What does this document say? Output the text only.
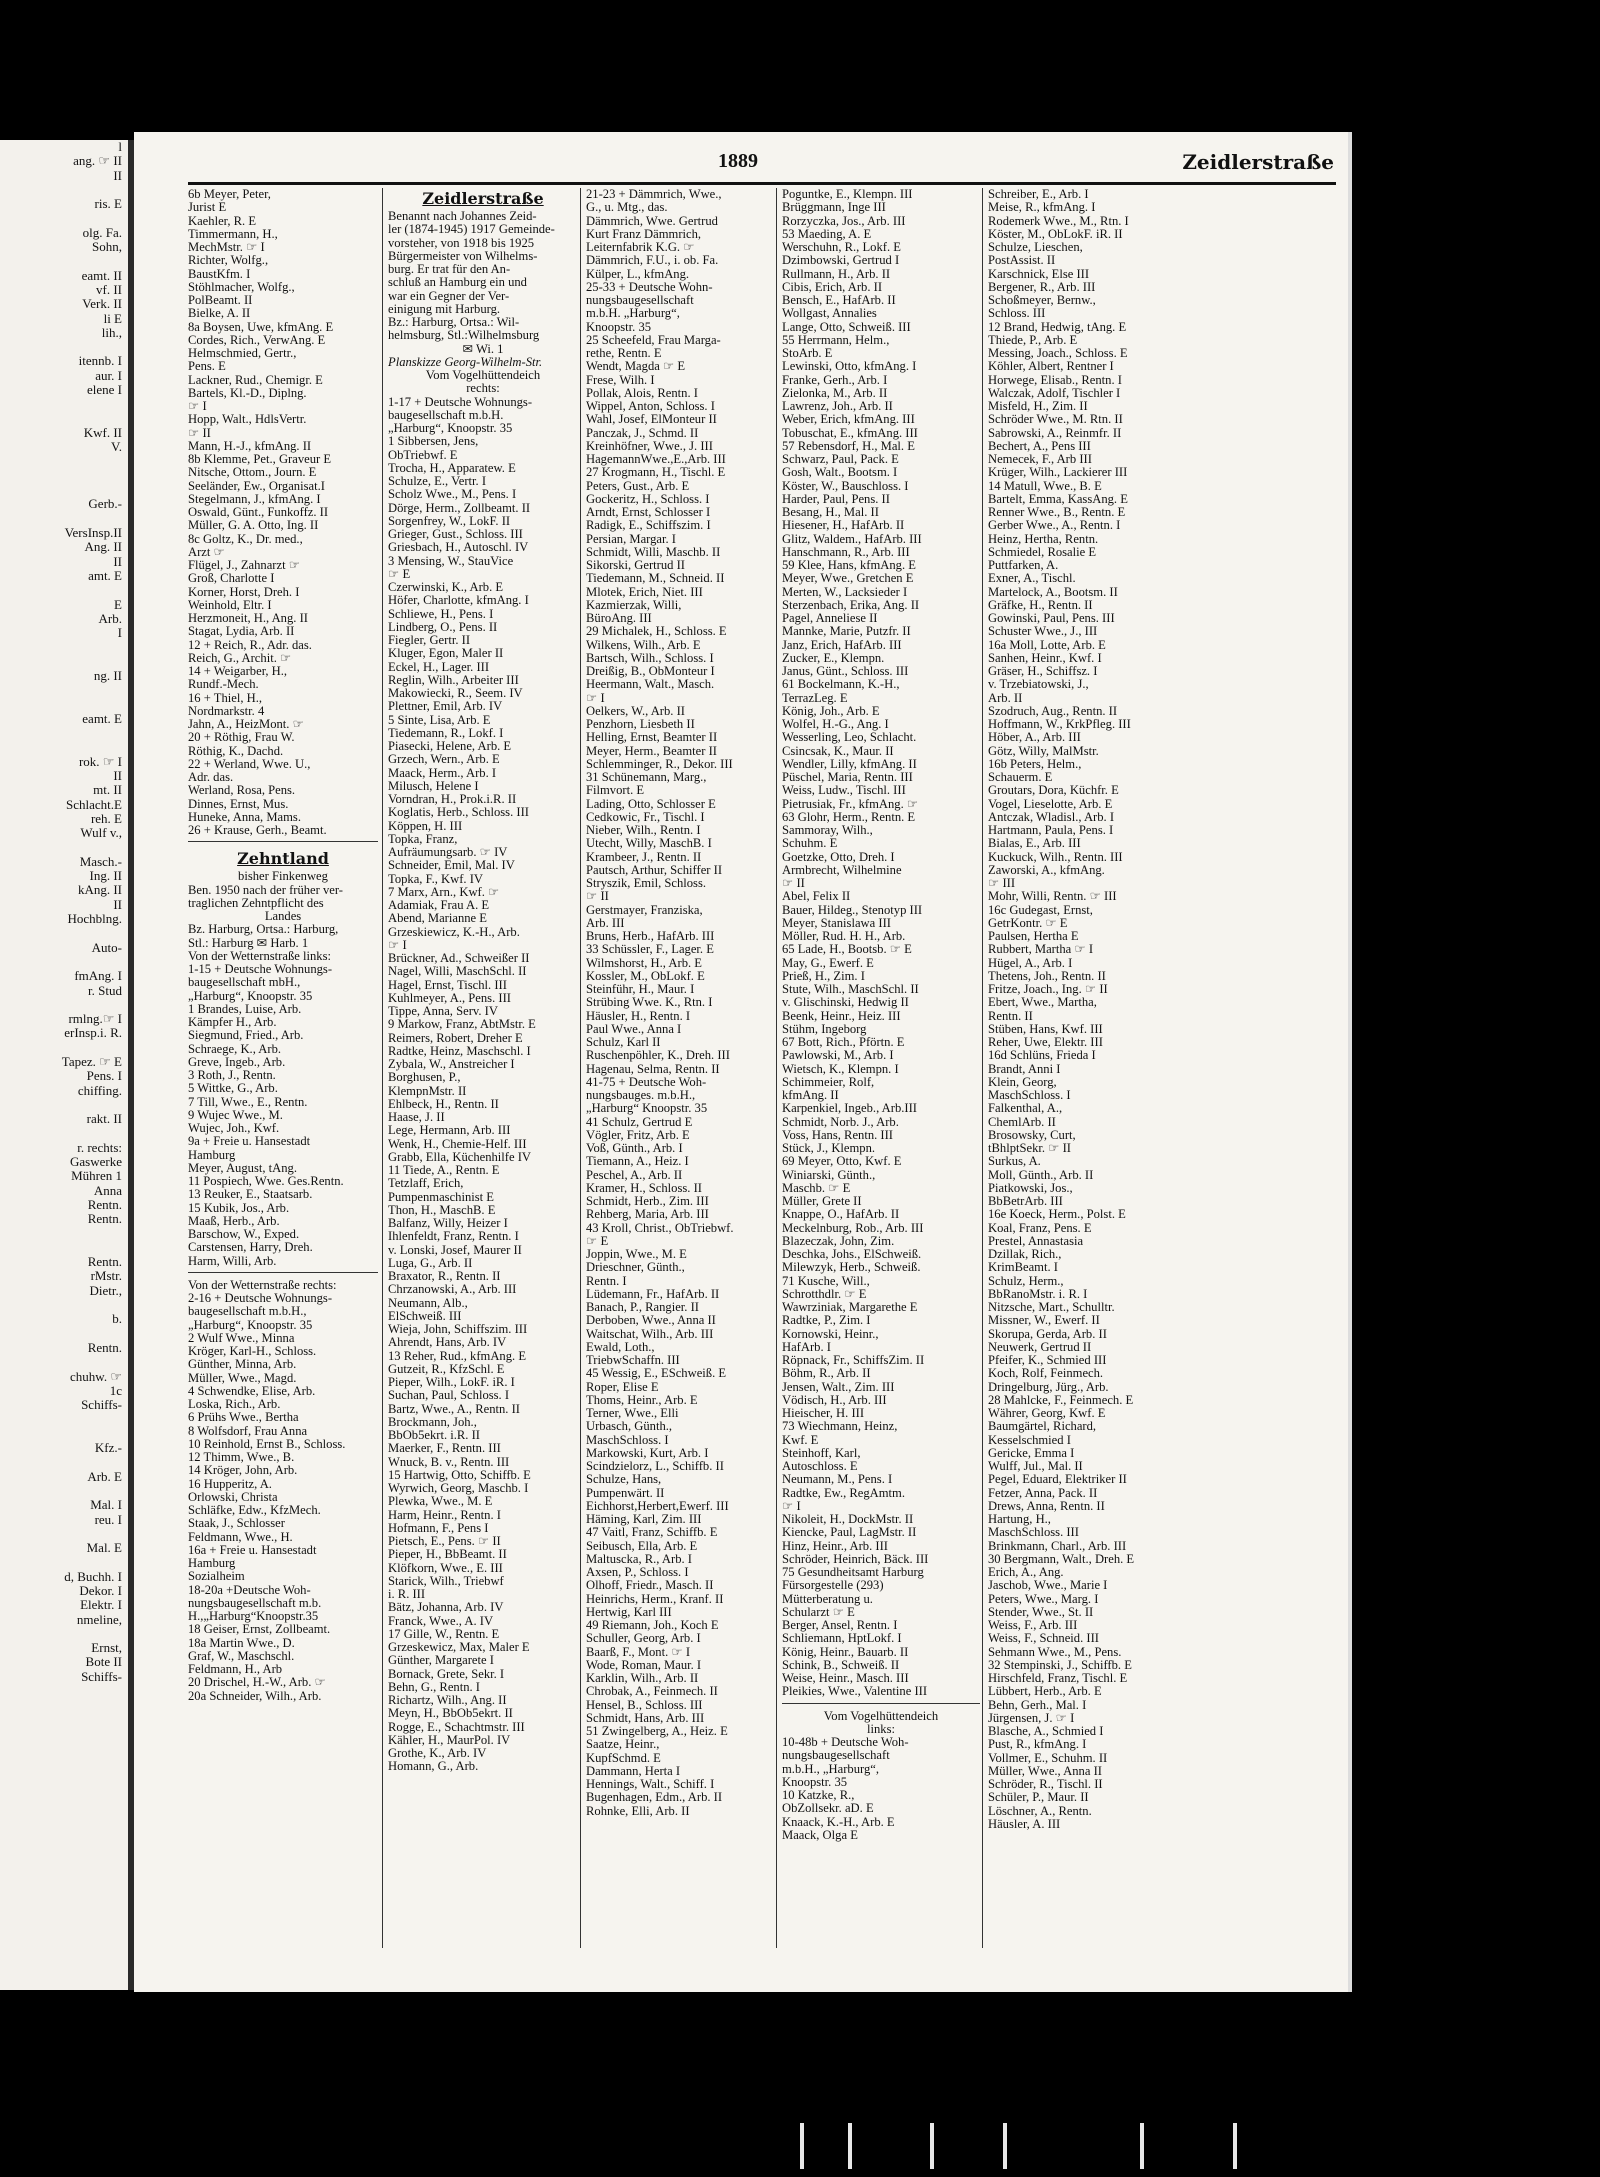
l
ang. ☞ II
II

ris. E

olg. Fa.
Sohn,

eamt. II
vf. II
Verk. II
li E
lih.,

itennb. I
aur. I
elene I

Kwf. II
V.

Gerb.-

VersInsp.II
Ang. II
II
amt. E

E
Arb.
I

ng. II

eamt. E

rok. ☞ I
II
mt. II
Schlacht.E
reh. E
Wulf v.,

Masch.-
Ing. II
kAng. II
II
Hochblng.

Auto-

fmAng. I
r. Stud

rmlng.☞ I
erInsp.i. R.

Tapez. ☞ E
Pens. I
chiffing.

rakt. II

r. rechts:
Gaswerke
Mühren 1
Anna
Rentn.
Rentn.

Rentn.
rMstr.
Dietr.,

b.

Rentn.

chuhw. ☞
1c
Schiffs-

Kfz.-

Arb. E

Mal. I
reu. I

Mal. E

d, Buchh. I
Dekor. I
Elektr. I
nmeline,

Ernst,
Bote II
Schiffs-
1889	Zeidlerstraße
6b Meyer, Peter,
Jurist E
Kaehler, R. E
Timmermann, H.,
MechMstr. ☞ I
Richter, Wolfg.,
BaustKfm. I
Stöhlmacher, Wolfg.,
PolBeamt. II
Bielke, A. II
8a Boysen, Uwe, kfmAng. E
Cordes, Rich., VerwAng. E
Helmschmied, Gertr.,
Pens. E
Lackner, Rud., Chemigr. E
Bartels, Kl.-D., Diplng.
☞ I
Hopp, Walt., HdlsVertr.
☞ II
Mann, H.-J., kfmAng. II
8b Klemme, Pet., Graveur E
Nitsche, Ottom., Journ. E
Seeländer, Ew., Organisat.I
Stegelmann, J., kfmAng. I
Oswald, Günt., Funkoffz. II
Müller, G. A. Otto, Ing. II
8c Goltz, K., Dr. med.,
Arzt ☞
Flügel, J., Zahnarzt ☞
Groß, Charlotte I
Korner, Horst, Dreh. I
Weinhold, Eltr. I
Herzmoneit, H., Ang. II
Stagat, Lydia, Arb. II
12 + Reich, R., Adr. das.
Reich, G., Archit. ☞
14 + Weigarber, H.,
Rundf.-Mech.
16 + Thiel, H.,
Nordmarkstr. 4
Jahn, A., HeizMont. ☞
20 + Röthig, Frau W.
Röthig, K., Dachd.
22 + Werland, Wwe. U.,
Adr. das.
Werland, Rosa, Pens.
Dinnes, Ernst, Mus.
Huneke, Anna, Mams.
26 + Krause, Gerh., Beamt.
Zehntland
bisher Finkenweg
Ben. 1950 nach der früher ver-
traglichen Zehntpflicht des
Landes
Bz. Harburg, Ortsa.: Harburg,
Stl.: Harburg ✉ Harb. 1
Von der Wetternstraße links:
1-15 + Deutsche Wohnungs-
baugesellschaft mbH.,
„Harburg“, Knoopstr. 35
1 Brandes, Luise, Arb.
Kämpfer H., Arb.
Siegmund, Fried., Arb.
Schraege, K., Arb.
Greve, Ingeb., Arb.
3 Roth, J., Rentn.
5 Wittke, G., Arb.
7 Till, Wwe., E., Rentn.
9 Wujec Wwe., M.
Wujec, Joh., Kwf.
9a + Freie u. Hansestadt
Hamburg
Meyer, August, tAng.
11 Pospiech, Wwe. Ges.Rentn.
13 Reuker, E., Staatsarb.
15 Kubik, Jos., Arb.
Maaß, Herb., Arb.
Barschow, W., Exped.
Carstensen, Harry, Dreh.
Harm, Willi, Arb.
Von der Wetternstraße rechts:
2-16 + Deutsche Wohnungs-
baugesellschaft m.b.H.,
„Harburg“, Knoopstr. 35
2 Wulf Wwe., Minna
Kröger, Karl-H., Schloss.
Günther, Minna, Arb.
Müller, Wwe., Magd.
4 Schwendke, Elise, Arb.
Loska, Rich., Arb.
6 Prühs Wwe., Bertha
8 Wolfsdorf, Frau Anna
10 Reinhold, Ernst B., Schloss.
12 Thimm, Wwe., B.
14 Kröger, John, Arb.
16 Hupperitz, A.
Orlowski, Christa
Schläfke, Edw., KfzMech.
Staak, J., Schlosser
Feldmann, Wwe., H.
16a + Freie u. Hansestadt
Hamburg
Sozialheim
18-20a +Deutsche Woh-
nungsbaugesellschaft m.b.
H.,„Harburg“Knoopstr.35
18 Geiser, Ernst, Zollbeamt.
18a Martin Wwe., D.
Graf, W., Maschschl.
Feldmann, H., Arb
20 Drischel, H.-W., Arb. ☞
20a Schneider, Wilh., Arb.
Zeidlerstraße
Benannt nach Johannes Zeid-
ler (1874-1945) 1917 Gemeinde-
vorsteher, von 1918 bis 1925
Bürgermeister von Wilhelms-
burg. Er trat für den An-
schluß an Hamburg ein und
war ein Gegner der Ver-
einigung mit Harburg.
Bz.: Harburg, Ortsa.: Wil-
helmsburg, Stl.:Wilhelmsburg
✉ Wi. 1
Planskizze Georg-Wilhelm-Str.
Vom Vogelhüttendeich
rechts:
1-17 + Deutsche Wohnungs-
baugesellschaft m.b.H.
„Harburg“, Knoopstr. 35
1 Sibbersen, Jens,
ObTriebwf. E
Trocha, H., Apparatew. E
Schulze, E., Vertr. I
Scholz Wwe., M., Pens. I
Dörge, Herm., Zollbeamt. II
Sorgenfrey, W., LokF. II
Grieger, Gust., Schloss. III
Griesbach, H., Autoschl. IV
3 Mensing, W., StauVice
☞ E
Czerwinski, K., Arb. E
Höfer, Charlotte, kfmAng. I
Schliewe, H., Pens. I
Lindberg, O., Pens. II
Fiegler, Gertr. II
Kluger, Egon, Maler II
Eckel, H., Lager. III
Reglin, Wilh., Arbeiter III
Makowiecki, R., Seem. IV
Plettner, Emil, Arb. IV
5 Sinte, Lisa, Arb. E
Tiedemann, R., Lokf. I
Piasecki, Helene, Arb. E
Grzech, Wern., Arb. E
Maack, Herm., Arb. I
Milusch, Helene I
Vorndran, H., Prok.i.R. II
Koglatis, Herb., Schloss. III
Köppen, H. III
Topka, Franz,
Aufräumungsarb. ☞ IV
Schneider, Emil, Mal. IV
Topka, F., Kwf. IV
7 Marx, Arn., Kwf. ☞
Adamiak, Frau A. E
Abend, Marianne E
Grzeskiewicz, K.-H., Arb.
☞ I
Brückner, Ad., Schweißer II
Nagel, Willi, MaschSchl. II
Hagel, Ernst, Tischl. III
Kuhlmeyer, A., Pens. III
Tippe, Anna, Serv. IV
9 Markow, Franz, AbtMstr. E
Reimers, Robert, Dreher E
Radtke, Heinz, Maschschl. I
Zybala, W., Anstreicher I
Borghusen, P.,
KlempnMstr. II
Ehlbeck, H., Rentn. II
Haase, J. II
Lege, Hermann, Arb. III
Wenk, H., Chemie-Helf. III
Grabb, Ella, Küchenhilfe IV
11 Tiede, A., Rentn. E
Tetzlaff, Erich,
Pumpenmaschinist E
Thon, H., MaschB. E
Balfanz, Willy, Heizer I
Ihlenfeldt, Franz, Rentn. I
v. Lonski, Josef, Maurer II
Luga, G., Arb. II
Braxator, R., Rentn. II
Chrzanowski, A., Arb. III
Neumann, Alb.,
ElSchweiß. III
Wieja, John, Schiffszim. III
Ahrendt, Hans, Arb. IV
13 Reher, Rud., kfmAng. E
Gutzeit, R., KfzSchl. E
Pieper, Wilh., LokF. iR. I
Suchan, Paul, Schloss. I
Bartz, Wwe., A., Rentn. II
Brockmann, Joh.,
BbOb5ekrt. i.R. II
Maerker, F., Rentn. III
Wnuck, B. v., Rentn. III
15 Hartwig, Otto, Schiffb. E
Wyrwich, Georg, Maschb. I
Plewka, Wwe., M. E
Harm, Heinr., Rentn. I
Hofmann, F., Pens I
Pietsch, E., Pens. ☞ II
Pieper, H., BbBeamt. II
Klöfkorn, Wwe., E. III
Starick, Wilh., Triebwf
i. R. III
Bätz, Johanna, Arb. IV
Franck, Wwe., A. IV
17 Gille, W., Rentn. E
Grzeskewicz, Max, Maler E
Günther, Margarete I
Bornack, Grete, Sekr. I
Behn, G., Rentn. I
Richartz, Wilh., Ang. II
Meyn, H., BbOb5ekrt. II
Rogge, E., Schachtmstr. III
Kähler, H., MaurPol. IV
Grothe, K., Arb. IV
Homann, G., Arb.
21-23 + Dämmrich, Wwe.,
G., u. Mtg., das.
Dämmrich, Wwe. Gertrud
Kurt Franz Dämmrich,
Leiternfabrik K.G. ☞
Dämmrich, F.U., i. ob. Fa.
Külper, L., kfmAng.
25-33 + Deutsche Wohn-
nungsbaugesellschaft
m.b.H. „Harburg“,
Knoopstr. 35
25 Scheefeld, Frau Marga-
rethe, Rentn. E
Wendt, Magda ☞ E
Frese, Wilh. I
Pollak, Alois, Rentn. I
Wippel, Anton, Schloss. I
Wahl, Josef, ElMonteur II
Panczak, J., Schmd. II
Kreinhöfner, Wwe., J. III
HagemannWwe.,E.,Arb. III
27 Krogmann, H., Tischl. E
Peters, Gust., Arb. E
Gockeritz, H., Schloss. I
Arndt, Ernst, Schlosser I
Radigk, E., Schiffszim. I
Persian, Margar. I
Schmidt, Willi, Maschb. II
Sikorski, Gertrud II
Tiedemann, M., Schneid. II
Mlotek, Erich, Niet. III
Kazmierzak, Willi,
BüroAng. III
29 Michalek, H., Schloss. E
Wilkens, Wilh., Arb. E
Bartsch, Wilh., Schloss. I
Dreißig, B., ObMonteur I
Heermann, Walt., Masch.
☞ I
Oelkers, W., Arb. II
Penzhorn, Liesbeth II
Helling, Ernst, Beamter II
Meyer, Herm., Beamter II
Schlemminger, R., Dekor. III
31 Schünemann, Marg.,
Filmvort. E
Lading, Otto, Schlosser E
Cedkowic, Fr., Tischl. I
Nieber, Wilh., Rentn. I
Utecht, Willy, MaschB. I
Krambeer, J., Rentn. II
Pautsch, Arthur, Schiffer II
Stryszik, Emil, Schloss.
☞ II
Gerstmayer, Franziska,
Arb. III
Bruns, Herb., HafArb. III
33 Schüssler, F., Lager. E
Wilmshorst, H., Arb. E
Kossler, M., ObLokf. E
Steinführ, H., Maur. I
Strübing Wwe. K., Rtn. I
Häusler, H., Rentn. I
Paul Wwe., Anna I
Schulz, Karl II
Ruschenpöhler, K., Dreh. III
Hagenau, Selma, Rentn. II
41-75 + Deutsche Woh-
nungsbauges. m.b.H.,
„Harburg“ Knoopstr. 35
41 Schulz, Gertrud E
Vögler, Fritz, Arb. E
Voß, Günth., Arb. I
Tiemann, A., Heiz. I
Peschel, A., Arb. II
Kramer, H., Schloss. II
Schmidt, Herb., Zim. III
Rehberg, Maria, Arb. III
43 Kroll, Christ., ObTriebwf.
☞ E
Joppin, Wwe., M. E
Drieschner, Günth.,
Rentn. I
Lüdemann, Fr., HafArb. II
Banach, P., Rangier. II
Derboben, Wwe., Anna II
Waitschat, Wilh., Arb. III
Ewald, Loth.,
TriebwSchaffn. III
45 Wessig, E., ESchweiß. E
Roper, Elise E
Thoms, Heinr., Arb. E
Terner, Wwe., Elli
Urbasch, Günth.,
MaschSchloss. I
Markowski, Kurt, Arb. I
Scindzielorz, L., Schiffb. II
Schulze, Hans,
Pumpenwärt. II
Eichhorst,Herbert,Ewerf. III
Häming, Karl, Zim. III
47 Vaitl, Franz, Schiffb. E
Seibusch, Ella, Arb. E
Maltuscka, R., Arb. I
Axsen, P., Schloss. I
Olhoff, Friedr., Masch. II
Heinrichs, Herm., Kranf. II
Hertwig, Karl III
49 Riemann, Joh., Koch E
Schuller, Georg, Arb. I
Baarß, F., Mont. ☞ I
Wode, Roman, Maur. I
Karklin, Wilh., Arb. II
Chrobak, A., Feinmech. II
Hensel, B., Schloss. III
Schmidt, Hans, Arb. III
51 Zwingelberg, A., Heiz. E
Saatze, Heinr.,
KupfSchmd. E
Dammann, Herta I
Hennings, Walt., Schiff. I
Bugenhagen, Edm., Arb. II
Rohnke, Elli, Arb. II
Poguntke, E., Klempn. III
Brüggmann, Inge III
Rorzyczka, Jos., Arb. III
53 Maeding, A. E
Werschuhn, R., Lokf. E
Dzimbowski, Gertrud I
Rullmann, H., Arb. II
Cibis, Erich, Arb. II
Bensch, E., HafArb. II
Wollgast, Annalies
Lange, Otto, Schweiß. III
55 Herrmann, Helm.,
StoArb. E
Lewinski, Otto, kfmAng. I
Franke, Gerh., Arb. I
Zielonka, M., Arb. II
Lawrenz, Joh., Arb. II
Weber, Erich, kfmAng. III
Tobuschat, E., kfmAng. III
57 Rebensdorf, H., Mal. E
Schwarz, Paul, Pack. E
Gosh, Walt., Bootsm. I
Köster, W., Bauschloss. I
Harder, Paul, Pens. II
Besang, H., Mal. II
Hiesener, H., HafArb. II
Glitz, Waldem., HafArb. III
Hanschmann, R., Arb. III
59 Klee, Hans, kfmAng. E
Meyer, Wwe., Gretchen E
Merten, W., Lacksieder I
Sterzenbach, Erika, Ang. II
Pagel, Anneliese II
Mannke, Marie, Putzfr. II
Janz, Erich, HafArb. III
Zucker, E., Klempn.
Janus, Günt., Schloss. III
61 Bockelmann, K.-H.,
TerrazLeg. E
König, Joh., Arb. E
Wolfel, H.-G., Ang. I
Wesserling, Leo, Schlacht.
Csincsak, K., Maur. II
Wendler, Lilly, kfmAng. II
Püschel, Maria, Rentn. III
Weiss, Ludw., Tischl. III
Pietrusiak, Fr., kfmAng. ☞
63 Glohr, Herm., Rentn. E
Sammoray, Wilh.,
Schuhm. E
Goetzke, Otto, Dreh. I
Armbrecht, Wilhelmine
☞ II
Abel, Felix II
Bauer, Hildeg., Stenotyp III
Meyer, Stanislawa III
Möller, Rud. H. H., Arb.
65 Lade, H., Bootsb. ☞ E
May, G., Ewerf. E
Prieß, H., Zim. I
Stute, Wilh., MaschSchl. II
v. Glischinski, Hedwig II
Beenk, Heinr., Heiz. III
Stühm, Ingeborg
67 Bott, Rich., Pförtn. E
Pawlowski, M., Arb. I
Wietsch, K., Klempn. I
Schimmeier, Rolf,
kfmAng. II
Karpenkiel, Ingeb., Arb.III
Schmidt, Norb. J., Arb.
Voss, Hans, Rentn. III
Stück, J., Klempn.
69 Meyer, Otto, Kwf. E
Winiarski, Günth.,
Maschb. ☞ E
Müller, Grete II
Knappe, O., HafArb. II
Meckelnburg, Rob., Arb. III
Blazeczak, John, Zim.
Deschka, Johs., ElSchweiß.
Milewzyk, Herb., Schweiß.
71 Kusche, Will.,
Schrotthdlr. ☞ E
Wawrziniak, Margarethe E
Radtke, P., Zim. I
Kornowski, Heinr.,
HafArb. I
Röpnack, Fr., SchiffsZim. II
Böhm, R., Arb. II
Jensen, Walt., Zim. III
Vödisch, H., Arb. III
Hieischer, H. III
73 Wiechmann, Heinz,
Kwf. E
Steinhoff, Karl,
Autoschloss. E
Neumann, M., Pens. I
Radtke, Ew., RegAmtm.
☞ I
Nikoleit, H., DockMstr. II
Kiencke, Paul, LagMstr. II
Hinz, Heinr., Arb. III
Schröder, Heinrich, Bäck. III
75 Gesundheitsamt Harburg
Fürsorgestelle (293)
Mütterberatung u.
Schularzt ☞ E
Berger, Ansel, Rentn. I
Schliemann, HptLokf. I
König, Heinr., Bauarb. II
Schink, B., Schweiß. II
Weise, Heinr., Masch. III
Pleikies, Wwe., Valentine III
Vom Vogelhüttendeich
links:
10-48b + Deutsche Woh-
nungsbaugesellschaft
m.b.H., „Harburg“,
Knoopstr. 35
10 Katzke, R.,
ObZollsekr. aD. E
Knaack, K.-H., Arb. E
Maack, Olga E
Schreiber, E., Arb. I
Meise, R., kfmAng. I
Rodemerk Wwe., M., Rtn. I
Köster, M., ObLokF. iR. II
Schulze, Lieschen,
PostAssist. II
Karschnick, Else III
Bergener, R., Arb. III
Schoßmeyer, Bernw.,
Schloss. III
12 Brand, Hedwig, tAng. E
Thiede, P., Arb. E
Messing, Joach., Schloss. E
Köhler, Albert, Rentner I
Horwege, Elisab., Rentn. I
Walczak, Adolf, Tischler I
Misfeld, H., Zim. II
Schröder Wwe., M. Rtn. II
Sabrowski, A., Reinmfr. II
Bechert, A., Pens III
Nemecek, F., Arb III
Krüger, Wilh., Lackierer III
14 Matull, Wwe., B. E
Bartelt, Emma, KassAng. E
Renner Wwe., B., Rentn. E
Gerber Wwe., A., Rentn. I
Heinz, Hertha, Rentn.
Schmiedel, Rosalie E
Puttfarken, A.
Exner, A., Tischl.
Martelock, A., Bootsm. II
Gräfke, H., Rentn. II
Gowinski, Paul, Pens. III
Schuster Wwe., J., III
16a Moll, Lotte, Arb. E
Sanhen, Heinr., Kwf. I
Gräser, H., Schiffsz. I
v. Trzebiatowski, J.,
Arb. II
Szodruch, Aug., Rentn. II
Hoffmann, W., KrkPfleg. III
Höber, A., Arb. III
Götz, Willy, MalMstr.
16b Peters, Helm.,
Schauerm. E
Groutars, Dora, Küchfr. E
Vogel, Lieselotte, Arb. E
Antczak, Wladisl., Arb. I
Hartmann, Paula, Pens. I
Bialas, E., Arb. III
Kuckuck, Wilh., Rentn. III
Zaworski, A., kfmAng.
☞ III
Mohr, Willi, Rentn. ☞ III
16c Gudegast, Ernst,
GetrKontr. ☞ E
Paulsen, Hertha E
Rubbert, Martha ☞ I
Hügel, A., Arb. I
Thetens, Joh., Rentn. II
Fritze, Joach., Ing. ☞ II
Ebert, Wwe., Martha,
Rentn. II
Stüben, Hans, Kwf. III
Reher, Uwe, Elektr. III
16d Schlüns, Frieda I
Brandt, Anni I
Klein, Georg,
MaschSchloss. I
Falkenthal, A.,
ChemlArb. II
Brosowsky, Curt,
tBhlptSekr. ☞ II
Surkus, A.
Moll, Günth., Arb. II
Piatkowski, Jos.,
BbBetrArb. III
16e Koeck, Herm., Polst. E
Koal, Franz, Pens. E
Prestel, Annastasia
Dzillak, Rich.,
KrimBeamt. I
Schulz, Herm.,
BbRanoMstr. i. R. I
Nitzsche, Mart., Schulltr.
Missner, W., Ewerf. II
Skorupa, Gerda, Arb. II
Neuwerk, Gertrud II
Pfeifer, K., Schmied III
Koch, Rolf, Feinmech.
Dringelburg, Jürg., Arb.
28 Mahlcke, F., Feinmech. E
Währer, Georg, Kwf. E
Baumgärtel, Richard,
Kesselschmied I
Gericke, Emma I
Wulff, Jul., Mal. II
Pegel, Eduard, Elektriker II
Fetzer, Anna, Pack. II
Drews, Anna, Rentn. II
Hartung, H.,
MaschSchloss. III
Brinkmann, Charl., Arb. III
30 Bergmann, Walt., Dreh. E
Erich, A., Ang.
Jaschob, Wwe., Marie I
Peters, Wwe., Marg. I
Stender, Wwe., St. II
Weiss, F., Arb. III
Weiss, F., Schneid. III
Sehmann Wwe., M., Pens.
32 Stempinski, J., Schiffb. E
Hirschfeld, Franz, Tischl. E
Lübbert, Herb., Arb. E
Behn, Gerh., Mal. I
Jürgensen, J. ☞ I
Blasche, A., Schmied I
Pust, R., kfmAng. I
Vollmer, E., Schuhm. II
Müller, Wwe., Anna II
Schröder, R., Tischl. II
Schüler, P., Maur. II
Löschner, A., Rentn.
Häusler, A. III
